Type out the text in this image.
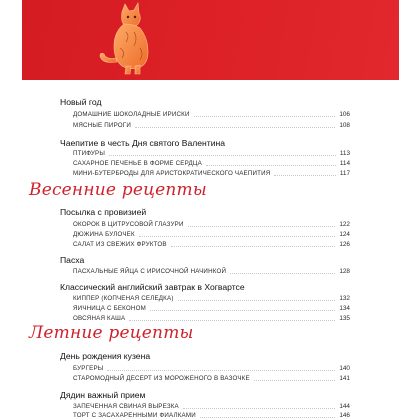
Новый год
ДОМАШНИЕ ШОКОЛАДНЫЕ ИРИСКИ	106
МЯСНЫЕ ПИРОГИ	108
Чаепитие в честь Дня святого Валентина
ПТИФУРЫ	113
САХАРНОЕ ПЕЧЕНЬЕ В ФОРМЕ СЕРДЦА	114
МИНИ-БУТЕРБРОДЫ ДЛЯ АРИСТОКРАТИЧЕСКОГО ЧАЕПИТИЯ	117
Весенние рецепты
Посылка с провизией
ОКОРОК В ЦИТРУСОВОЙ ГЛАЗУРИ	122
ДЮЖИНА БУЛОЧЕК	124
САЛАТ ИЗ СВЕЖИХ ФРУКТОВ	126
Пасха
ПАСХАЛЬНЫЕ ЯЙЦА С ИРИСОЧНОЙ НАЧИНКОЙ	128
Классический английский завтрак в Хогвартсе
КИППЕР (КОПЧЕНАЯ СЕЛЕДКА)	132
ЯИЧНИЦА С БЕКОНОМ	134
ОВСЯНАЯ КАША	135
Летние рецепты
День рождения кузена
БУРГЕРЫ	140
СТАРОМОДНЫЙ ДЕСЕРТ ИЗ МОРОЖЕНОГО В ВАЗОЧКЕ	141
Дядин важный прием
ЗАПЕЧЕННАЯ СВИНАЯ ВЫРЕЗКА	144
ТОРТ С ЗАСАХАРЕННЫМИ ФИАЛКАМИ	146
